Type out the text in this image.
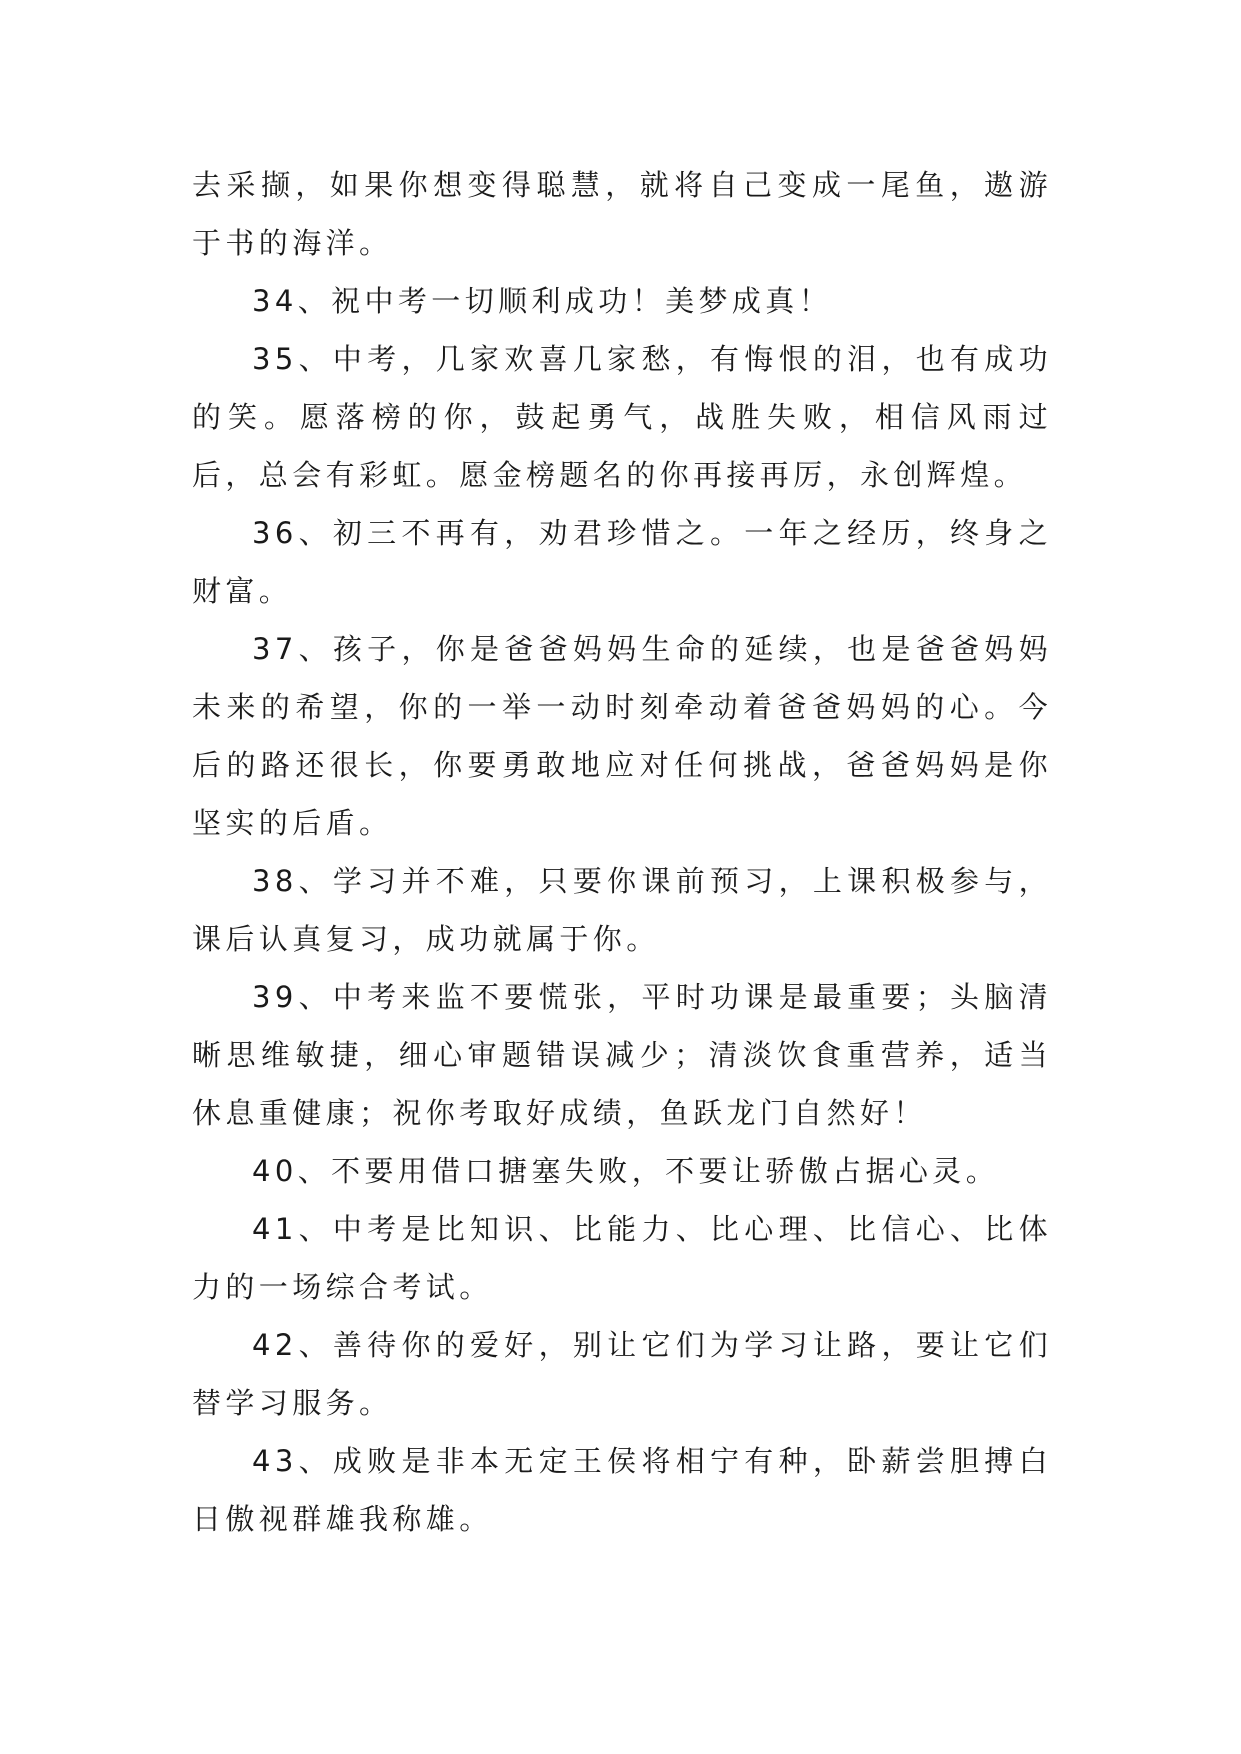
去采撷，如果你想变得聪慧，就将自己变成一尾鱼，遨游于书的海洋。

34、祝中考一切顺利成功！美梦成真！

35、中考，几家欢喜几家愁，有悔恨的泪，也有成功的笑。愿落榜的你，鼓起勇气，战胜失败，相信风雨过后，总会有彩虹。愿金榜题名的你再接再厉，永创辉煌。

36、初三不再有，劝君珍惜之。一年之经历，终身之财富。

37、孩子，你是爸爸妈妈生命的延续，也是爸爸妈妈未来的希望，你的一举一动时刻牵动着爸爸妈妈的心。今后的路还很长，你要勇敢地应对任何挑战，爸爸妈妈是你坚实的后盾。

38、学习并不难，只要你课前预习，上课积极参与，课后认真复习，成功就属于你。

39、中考来监不要慌张，平时功课是最重要；头脑清晰思维敏捷，细心审题错误减少；清淡饮食重营养，适当休息重健康；祝你考取好成绩，鱼跃龙门自然好！

40、不要用借口搪塞失败，不要让骄傲占据心灵。

41、中考是比知识、比能力、比心理、比信心、比体力的一场综合考试。

42、善待你的爱好，别让它们为学习让路，要让它们替学习服务。

43、成败是非本无定王侯将相宁有种，卧薪尝胆搏白日傲视群雄我称雄。
